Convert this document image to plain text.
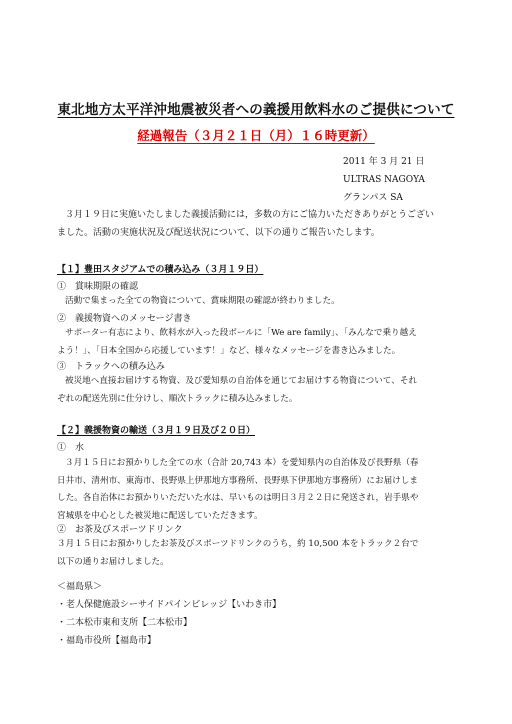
東北地方太平洋沖地震被災者への義援用飲料水のご提供について
経過報告（３月２１日（月）１６時更新）
2011 年 3 月 21 日
ULTRAS NAGOYA
グランパス SA
３月１９日に実施いたしました義援活動には，多数の方にご協力いただきありがとうござい
ました。活動の実施状況及び配送状況について、以下の通りご報告いたします。
【１】豊田スタジアムでの積み込み（３月１９日）
①　賞味期限の確認
活動で集まった全ての物資について、賞味期限の確認が終わりました。
②　義援物資へのメッセージ書き
サポーター有志により、飲料水が入った段ボールに「We are family」、「みんなで乗り越え
よう！」、「日本全国から応援しています！」など、様々なメッセージを書き込みました。
③　トラックへの積み込み
被災地へ直接お届けする物資、及び愛知県の自治体を通じてお届けする物資について、それ
ぞれの配送先別に仕分けし、順次トラックに積み込みました。
【２】義援物資の輸送（３月１９日及び２０日）
①　水
３月１５日にお預かりした全ての水（合計 20,743 本）を愛知県内の自治体及び長野県（春
日井市、清州市、東海市、長野県上伊那地方事務所、長野県下伊那地方事務所）にお届けしま
した。各自治体にお預かりいただいた水は、早いものは明日３月２２日に発送され，岩手県や
宮城県を中心とした被災地に配送していただきます。
②　お茶及びスポーツドリンク
３月１５日にお預かりしたお茶及びスポーツドリンクのうち，約 10,500 本をトラック２台で
以下の通りお届けしました。
＜福島県＞
・老人保健施設シーサイドパインビレッジ【いわき市】
・二本松市東和支所【二本松市】
・福島市役所【福島市】
